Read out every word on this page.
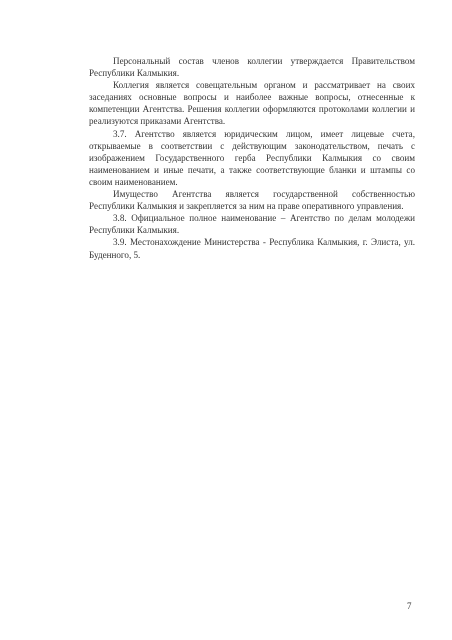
Персональный состав членов коллегии утверждается Правительством Республики Калмыкия.

Коллегия является совещательным органом и рассматривает на своих заседаниях основные вопросы и наиболее важные вопросы, отнесенные к компетенции Агентства. Решения коллегии оформляются протоколами коллегии и реализуются приказами Агентства.

3.7. Агентство является юридическим лицом, имеет лицевые счета, открываемые в соответствии с действующим законодательством, печать с изображением Государственного герба Республики Калмыкия со своим наименованием и иные печати, а также соответствующие бланки и штампы со своим наименованием.

Имущество Агентства является государственной собственностью Республики Калмыкия и закрепляется за ним на праве оперативного управления.

3.8. Официальное полное наименование – Агентство по делам молодежи Республики Калмыкия.

3.9. Местонахождение Министерства - Республика Калмыкия, г. Элиста, ул. Буденного, 5.

7
